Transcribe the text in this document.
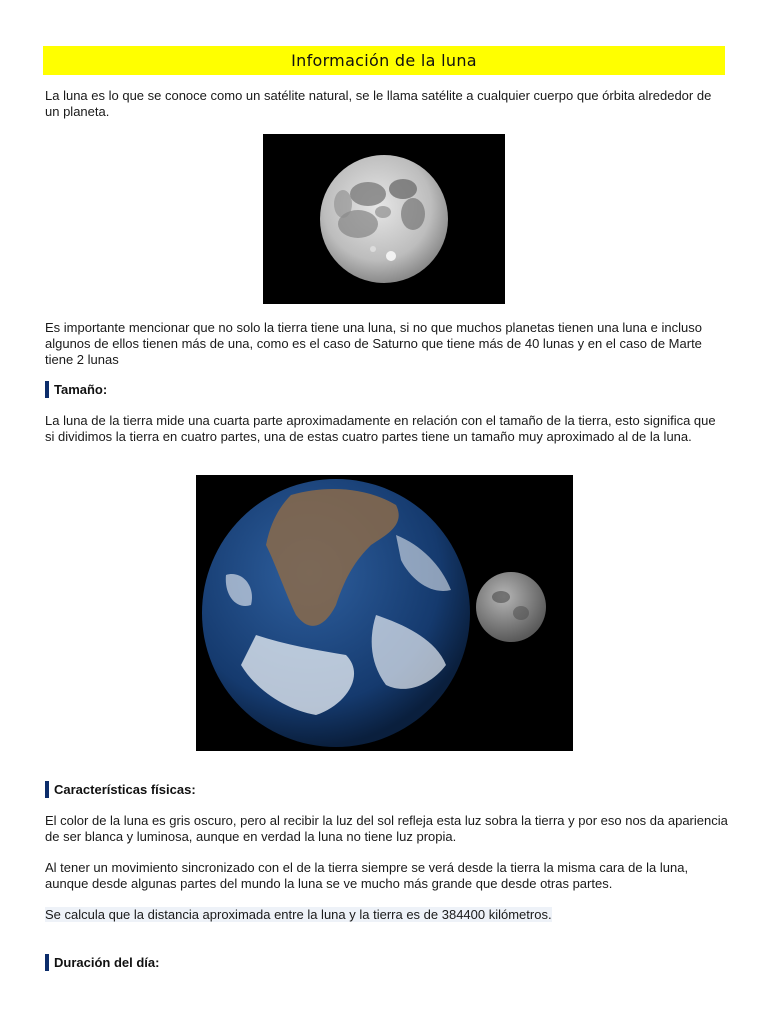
Información de la luna

La luna es lo que se conoce como un satélite natural, se le llama satélite a cualquier cuerpo que órbita alrededor de un planeta.

Es importante mencionar que no solo la tierra tiene una luna, si no que muchos planetas tienen una luna e incluso algunos de ellos tienen más de una, como es el caso de Saturno que tiene más de 40 lunas y en el caso de Marte tiene 2 lunas

Tamaño:

La luna de la tierra mide una cuarta parte aproximadamente en relación con el tamaño de la tierra, esto significa que si dividimos la tierra en cuatro partes, una de estas cuatro partes tiene un tamaño muy aproximado al de la luna.

Características físicas:

El color de la luna es gris oscuro, pero al recibir la luz del sol refleja esta luz sobra la tierra y por eso nos da apariencia de ser blanca y luminosa, aunque en verdad la luna no tiene luz propia.

Al tener un movimiento sincronizado con el de la tierra siempre se verá desde la tierra la misma cara de la luna, aunque desde algunas partes del mundo la luna se ve mucho más grande que desde otras partes.

Se calcula que la distancia aproximada entre la luna y la tierra es de 384400 kilómetros.

Duración del día:
